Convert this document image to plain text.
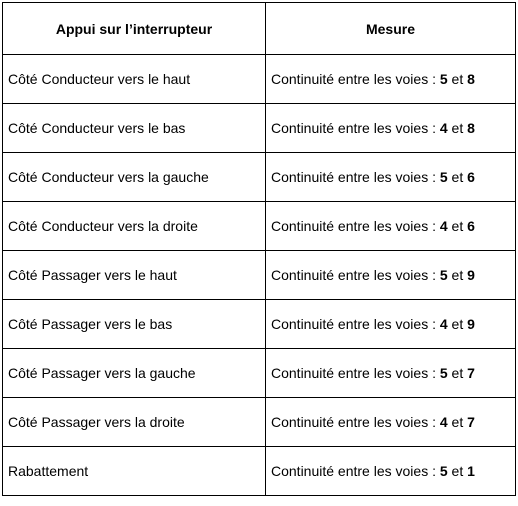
Appui sur l’interrupteur	Mesure
Côté Conducteur vers le haut	Continuité entre les voies : 5 et 8
Côté Conducteur vers le bas	Continuité entre les voies : 4 et 8
Côté Conducteur vers la gauche	Continuité entre les voies : 5 et 6
Côté Conducteur vers la droite	Continuité entre les voies : 4 et 6
Côté Passager vers le haut	Continuité entre les voies : 5 et 9
Côté Passager vers le bas	Continuité entre les voies : 4 et 9
Côté Passager vers la gauche	Continuité entre les voies : 5 et 7
Côté Passager vers la droite	Continuité entre les voies : 4 et 7
Rabattement	Continuité entre les voies : 5 et 1
